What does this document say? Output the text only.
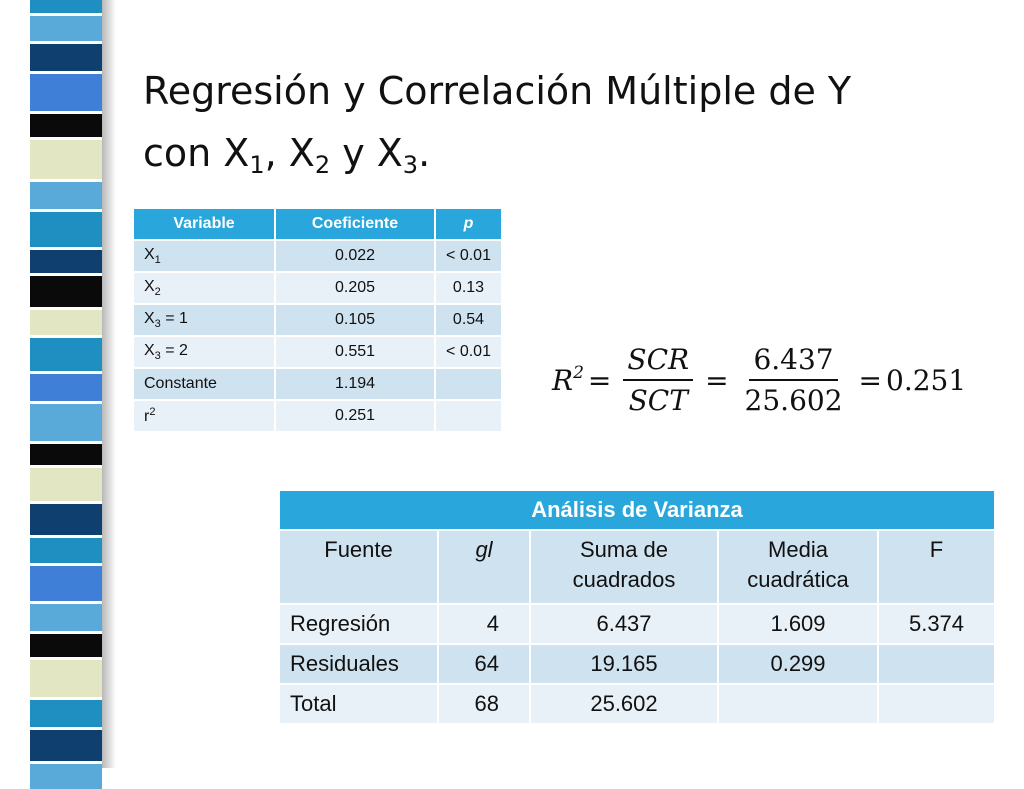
Regresión y Correlación Múltiple de Y
con $X_1$, $X_2$ y $X_3$.
Variable	Coeficiente	p
$X_1$	0.022	< 0.01
$X_2$	0.205	0.13
$X_3 = 1$	0.105	0.54
$X_3 = 2$	0.551	< 0.01
Constante	1.194	
$r^2$	0.251	
$R^2 = \frac{\text{SCR}}{\text{SCT}} = \frac{6.437}{25.602} = 0.251$
Análisis de Varianza				
Fuente	gl	Suma de cuadrados	Media cuadrática	F
Regresión	4	6.437	1.609	5.374
Residuales	64	19.165	0.299	
Total	68	25.602		
